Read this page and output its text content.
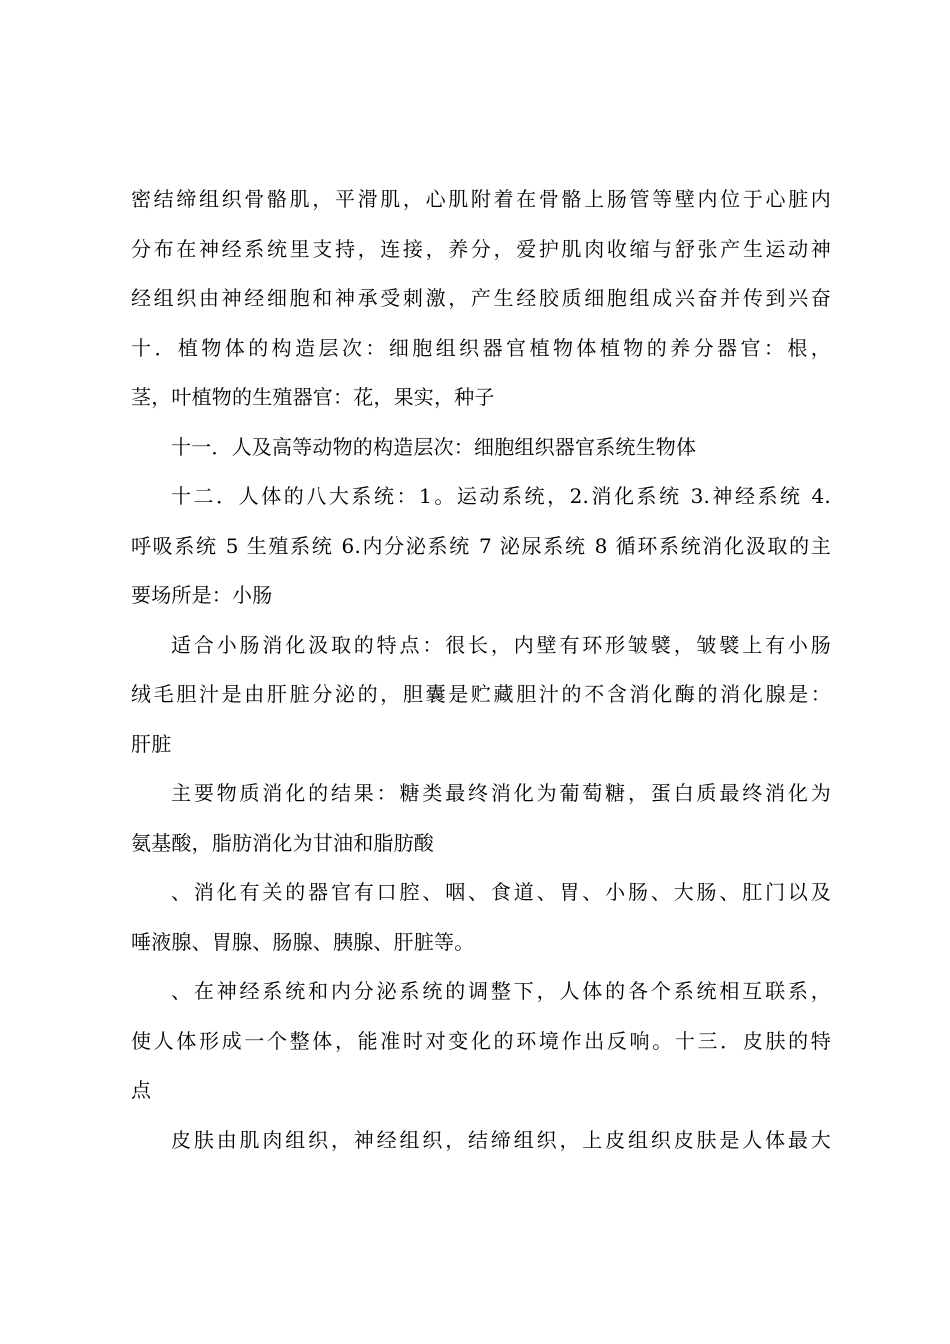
密结缔组织骨骼肌，平滑肌，心肌附着在骨骼上肠管等壁内位于心脏内
分布在神经系统里支持，连接，养分，爱护肌肉收缩与舒张产生运动神
经组织由神经细胞和神承受刺激，产生经胶质细胞组成兴奋并传到兴奋
十．植物体的构造层次：细胞组织器官植物体植物的养分器官：根，
茎，叶植物的生殖器官：花，果实，种子
十一．人及高等动物的构造层次：细胞组织器官系统生物体
十二．人体的八大系统：1。运动系统，2.消化系统 3.神经系统 4.
呼吸系统 5 生殖系统 6.内分泌系统 7 泌尿系统 8 循环系统消化汲取的主
要场所是：小肠
适合小肠消化汲取的特点：很长，内壁有环形皱襞，皱襞上有小肠
绒毛胆汁是由肝脏分泌的，胆囊是贮藏胆汁的不含消化酶的消化腺是：
肝脏
主要物质消化的结果：糖类最终消化为葡萄糖，蛋白质最终消化为
氨基酸，脂肪消化为甘油和脂肪酸
、消化有关的器官有口腔、咽、食道、胃、小肠、大肠、肛门以及
唾液腺、胃腺、肠腺、胰腺、肝脏等。
、在神经系统和内分泌系统的调整下，人体的各个系统相互联系，
使人体形成一个整体，能准时对变化的环境作出反响。十三．皮肤的特
点
皮肤由肌肉组织，神经组织，结缔组织，上皮组织皮肤是人体最大
